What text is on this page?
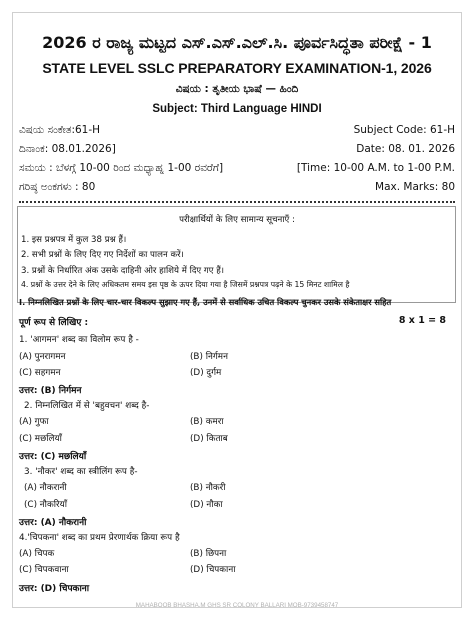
2026 ರ ರಾಜ್ಯ ಮಟ್ಟದ ಎಸ್.ಎಸ್.ಎಲ್.ಸಿ. ಪೂರ್ವಸಿದ್ಧತಾ ಪರೀಕ್ಷೆ - 1
STATE LEVEL SSLC PREPARATORY EXAMINATION-1, 2026
ವಿಷಯ : ತೃತೀಯ ಭಾಷೆ — ಹಿಂದಿ
Subject: Third Language HINDI
ವಿಷಯ ಸಂಕೇತ:61-H	Subject Code: 61-H
ದಿನಾಂಕ: 08.01.2026]	Date: 08. 01. 2026
ಸಮಯ : ಬೆಳಗ್ಗೆ 10-00 ರಿಂದ ಮಧ್ಯಾಹ್ನ 1-00 ರವರೆಗೆ]	[Time: 10-00 A.M. to 1-00 P.M.
ಗರಿಷ್ಠ ಅಂಕಗಳು : 80	Max. Marks: 80
परीक्षार्थियों के लिए सामान्य सूचनाएँ :
1. इस प्रश्नपत्र में कुल 38 प्रश्न हैं।
2. सभी प्रश्नों के लिए दिए गए निर्देशों का पालन करें।
3. प्रश्नों के निर्धारित अंक उसके दाहिनी ओर हाशिये में दिए गए हैं।
4. प्रश्नों के उत्तर देने के लिए अधिकतम समय इस पृष्ठ के ऊपर दिया गया है जिसमें प्रश्नपत्र पढ़ने के 15 मिनट शामिल है
I. निम्नलिखित प्रश्नों के लिए चार-चार विकल्प सुझाए गए हैं, उनमें से सर्वाधिक उचित विकल्प चुनकर उसके संकेताक्षर सहित
पूर्ण रूप से लिखिए :	8 x 1 = 8
1. 'आगमन' शब्द का विलोम रूप है -
(A) पुनरागमन	(B) निर्गमन
(C) सहगमन	(D) दुर्गम
उत्तर: (B) निर्गमन
2. निम्नलिखित में से 'बहुवचन' शब्द है-
(A) गुफा	(B) कमरा
(C) मछलियाँ	(D) किताब
उत्तर: (C) मछलियाँ
3. 'नौकर' शब्द का स्त्रीलिंग रूप है-
(A) नौकरानी	(B) नौकरी
(C) नौकरियाँ	(D) नौका
उत्तर: (A) नौकरानी
4.'चिपकना' शब्द का प्रथम प्रेरणार्थक क्रिया रूप है
(A) चिपक	(B) छिपना
(C) चिपकवाना	(D) चिपकाना
उत्तर: (D) चिपकाना
MAHABOOB BHASHA.M GHS SR COLONY BALLARI MOB-9739458747
